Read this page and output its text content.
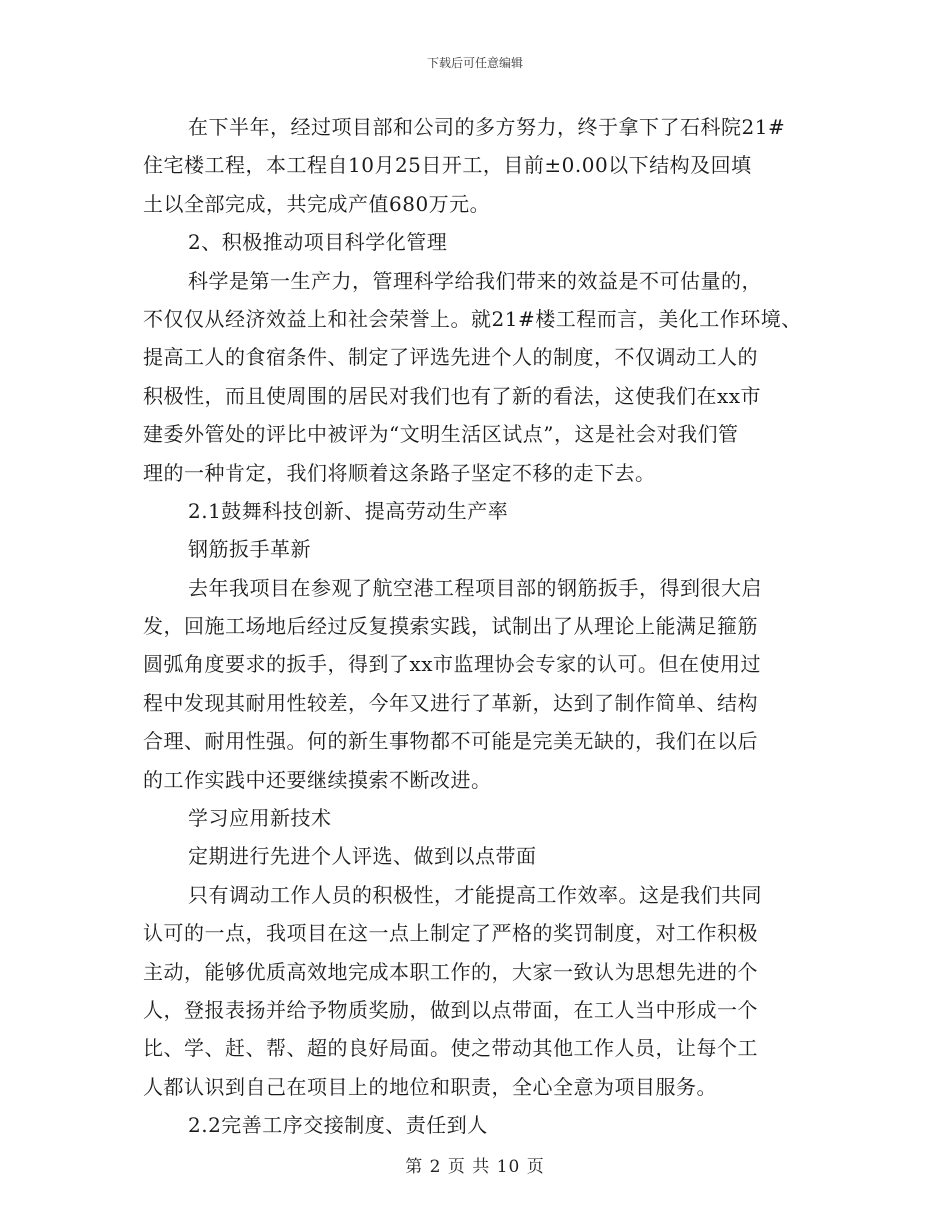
下载后可任意编辑
在下半年，经过项目部和公司的多方努力，终于拿下了石科院21#
住宅楼工程，本工程自10月25日开工，目前±0.00以下结构及回填
土以全部完成，共完成产值680万元。
2、积极推动项目科学化管理
科学是第一生产力，管理科学给我们带来的效益是不可估量的，
不仅仅从经济效益上和社会荣誉上。就21#楼工程而言，美化工作环境、
提高工人的食宿条件、制定了评选先进个人的制度，不仅调动工人的
积极性，而且使周围的居民对我们也有了新的看法，这使我们在xx市
建委外管处的评比中被评为“文明生活区试点”，这是社会对我们管
理的一种肯定，我们将顺着这条路子坚定不移的走下去。
2.1鼓舞科技创新、提高劳动生产率
钢筋扳手革新
去年我项目在参观了航空港工程项目部的钢筋扳手，得到很大启
发，回施工场地后经过反复摸索实践，试制出了从理论上能满足箍筋
圆弧角度要求的扳手，得到了xx市监理协会专家的认可。但在使用过
程中发现其耐用性较差，今年又进行了革新，达到了制作简单、结构
合理、耐用性强。何的新生事物都不可能是完美无缺的，我们在以后
的工作实践中还要继续摸索不断改进。
学习应用新技术
定期进行先进个人评选、做到以点带面
只有调动工作人员的积极性，才能提高工作效率。这是我们共同
认可的一点，我项目在这一点上制定了严格的奖罚制度，对工作积极
主动，能够优质高效地完成本职工作的，大家一致认为思想先进的个
人，登报表扬并给予物质奖励，做到以点带面，在工人当中形成一个
比、学、赶、帮、超的良好局面。使之带动其他工作人员，让每个工
人都认识到自己在项目上的地位和职责，全心全意为项目服务。
2.2完善工序交接制度、责任到人
第 2 页 共 10 页
